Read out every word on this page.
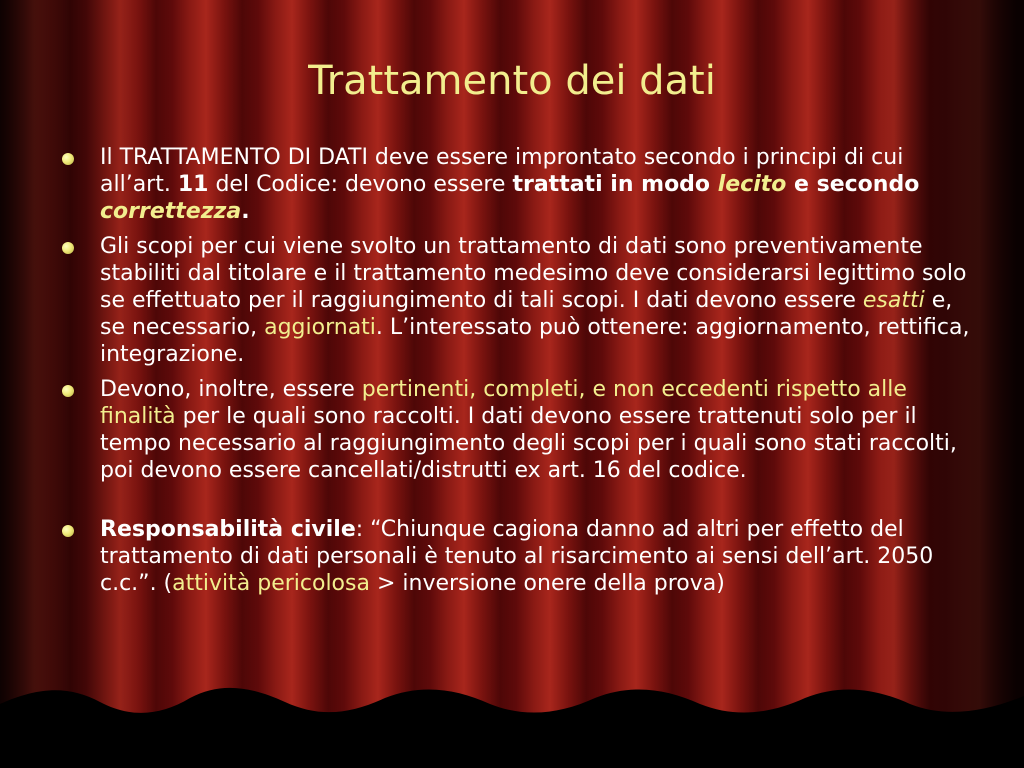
Trattamento dei dati
Il TRATTAMENTO DI DATI deve essere improntato secondo i principi di cui all’art. 11 del Codice: devono essere trattati in modo lecito e secondo correttezza.
Gli scopi per cui viene svolto un trattamento di dati sono preventivamente stabiliti dal titolare e il trattamento medesimo deve considerarsi legittimo solo se effettuato per il raggiungimento di tali scopi. I dati devono essere esatti e, se necessario, aggiornati. L’interessato può ottenere: aggiornamento, rettifica, integrazione.
Devono, inoltre, essere pertinenti, completi, e non eccedenti rispetto alle finalità per le quali sono raccolti. I dati devono essere trattenuti solo per il tempo necessario al raggiungimento degli scopi per i quali sono stati raccolti, poi devono essere cancellati/distrutti ex art. 16 del codice.
Responsabilità civile: “Chiunque cagiona danno ad altri per effetto del trattamento di dati personali è tenuto al risarcimento ai sensi dell’art. 2050 c.c.”. (attività pericolosa > inversione onere della prova)
